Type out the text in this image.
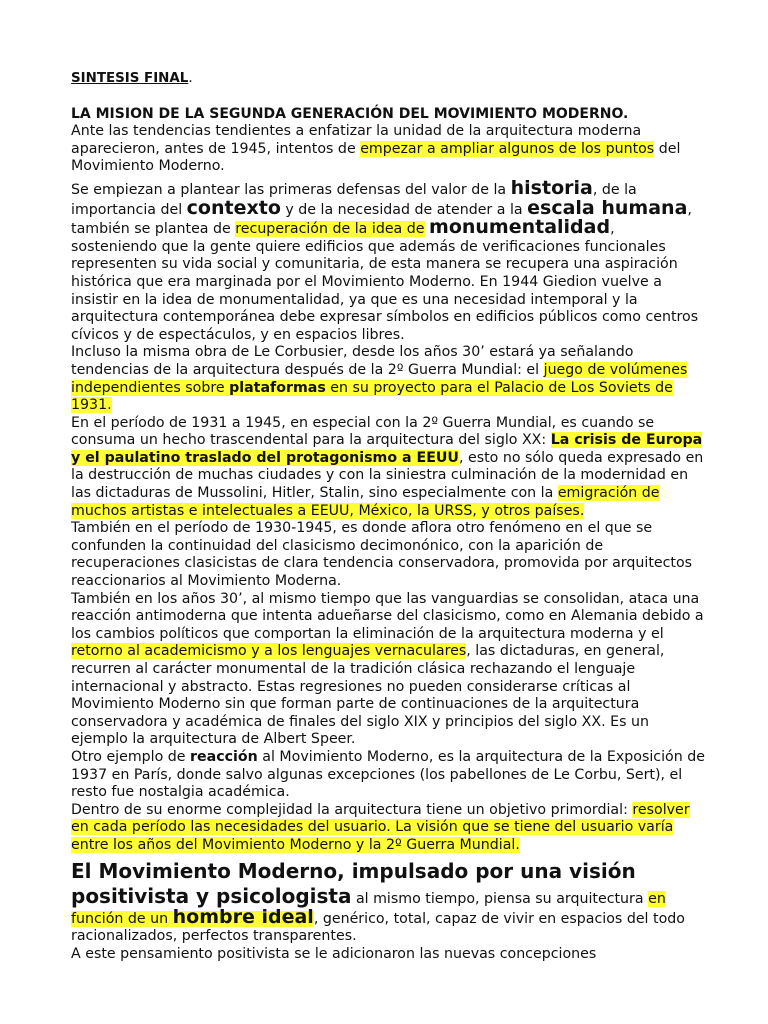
SINTESIS FINAL.

LA MISION DE LA SEGUNDA GENERACIÓN DEL MOVIMIENTO MODERNO.

Ante las tendencias tendientes a enfatizar la unidad de la arquitectura moderna aparecieron, antes de 1945, intentos de empezar a ampliar algunos de los puntos del Movimiento Moderno.

Se empiezan a plantear las primeras defensas del valor de la historia, de la importancia del contexto y de la necesidad de atender a la escala humana, también se plantea de recuperación de la idea de monumentalidad, sosteniendo que la gente quiere edificios que además de verificaciones funcionales representen su vida social y comunitaria, de esta manera se recupera una aspiración histórica que era marginada por el Movimiento Moderno. En 1944 Giedion vuelve a insistir en la idea de monumentalidad, ya que es una necesidad intemporal y la arquitectura contemporánea debe expresar símbolos en edificios públicos como centros cívicos y de espectáculos, y en espacios libres.

Incluso la misma obra de Le Corbusier, desde los años 30’ estará ya señalando tendencias de la arquitectura después de la 2º Guerra Mundial: el juego de volúmenes independientes sobre plataformas en su proyecto para el Palacio de Los Soviets de 1931.

En el período de 1931 a 1945, en especial con la 2º Guerra Mundial, es cuando se consuma un hecho trascendental para la arquitectura del siglo XX: La crisis de Europa y el paulatino traslado del protagonismo a EEUU, esto no sólo queda expresado en la destrucción de muchas ciudades y con la siniestra culminación de la modernidad en las dictaduras de Mussolini, Hitler, Stalin, sino especialmente con la emigración de muchos artistas e intelectuales a EEUU, México, la URSS, y otros países.

También en el período de 1930-1945, es donde aflora otro fenómeno en el que se confunden la continuidad del clasicismo decimonónico, con la aparición de recuperaciones clasicistas de clara tendencia conservadora, promovida por arquitectos reaccionarios al Movimiento Moderna.

También en los años 30’, al mismo tiempo que las vanguardias se consolidan, ataca una reacción antimoderna que intenta adueñarse del clasicismo, como en Alemania debido a los cambios políticos que comportan la eliminación de la arquitectura moderna y el retorno al academicismo y a los lenguajes vernaculares, las dictaduras, en general, recurren al carácter monumental de la tradición clásica rechazando el lenguaje internacional y abstracto. Estas regresiones no pueden considerarse críticas al Movimiento Moderno sin que forman parte de continuaciones de la arquitectura conservadora y académica de finales del siglo XIX y principios del siglo XX. Es un ejemplo la arquitectura de Albert Speer.

Otro ejemplo de reacción al Movimiento Moderno, es la arquitectura de la Exposición de 1937 en París, donde salvo algunas excepciones (los pabellones de Le Corbu, Sert), el resto fue nostalgia académica.

Dentro de su enorme complejidad la arquitectura tiene un objetivo primordial: resolver en cada período las necesidades del usuario. La visión que se tiene del usuario varía entre los años del Movimiento Moderno y la 2º Guerra Mundial.

El Movimiento Moderno, impulsado por una visión positivista y psicologista al mismo tiempo, piensa su arquitectura en función de un hombre ideal, genérico, total, capaz de vivir en espacios del todo racionalizados, perfectos transparentes.

A este pensamiento positivista se le adicionaron las nuevas concepciones
